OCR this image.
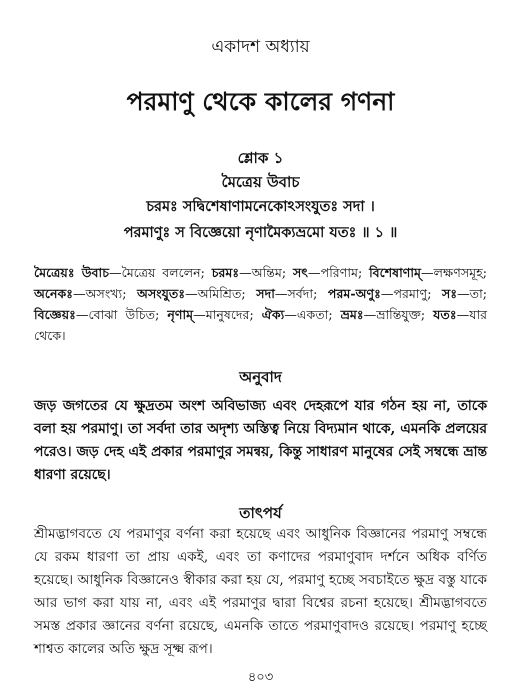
একাদশ অধ্যায়
পরমাণু থেকে কালের গণনা
শ্লোক ১
মৈত্রেয় উবাচ
চরমঃ সদ্বিশেষাণামনেকোঽসংযুতঃ সদা ।
পরমাণুঃ স বিজ্ঞেয়ো নৃণামৈক্যভ্রমো যতঃ ॥ ১ ॥
মৈত্রেয়ঃ উবাচ—মৈত্রেয় বললেন; চরমঃ—অন্তিম; সৎ—পরিণাম; বিশেষাণাম্—লক্ষণসমূহ; অনেকঃ—অসংখ্য; অসংযুতঃ—অমিশ্রিত; সদা—সর্বদা; পরম-অণুঃ—পরমাণু; সঃ—তা; বিজ্ঞেয়ঃ—বোঝা উচিত; নৃণাম্—মানুষদের; ঐক্য—একতা; ভ্রমঃ—ভ্রান্তিযুক্ত; যতঃ—যার থেকে।
অনুবাদ
জড় জগতের যে ক্ষুদ্রতম অংশ অবিভাজ্য এবং দেহরূপে যার গঠন হয় না, তাকে বলা হয় পরমাণু। তা সর্বদা তার অদৃশ্য অস্তিত্ব নিয়ে বিদ্যমান থাকে, এমনকি প্রলয়ের পরেও। জড় দেহ এই প্রকার পরমাণুর সমন্বয়, কিন্তু সাধারণ মানুষের সেই সম্বন্ধে ভ্রান্ত ধারণা রয়েছে।
তাৎপর্য
শ্রীমদ্ভাগবতে যে পরমাণুর বর্ণনা করা হয়েছে এবং আধুনিক বিজ্ঞানের পরমাণু সম্বন্ধে যে রকম ধারণা তা প্রায় একই, এবং তা কণাদের পরমাণুবাদ দর্শনে অধিক বর্ণিত হয়েছে। আধুনিক বিজ্ঞানেও স্বীকার করা হয় যে, পরমাণু হচ্ছে সবচাইতে ক্ষুদ্র বস্তু যাকে আর ভাগ করা যায় না, এবং এই পরমাণুর দ্বারা বিশ্বের রচনা হয়েছে। শ্রীমদ্ভাগবতে সমস্ত প্রকার জ্ঞানের বর্ণনা রয়েছে, এমনকি তাতে পরমাণুবাদও রয়েছে। পরমাণু হচ্ছে শাশ্বত কালের অতি ক্ষুদ্র সূক্ষ্ম রূপ।
৪০৩
